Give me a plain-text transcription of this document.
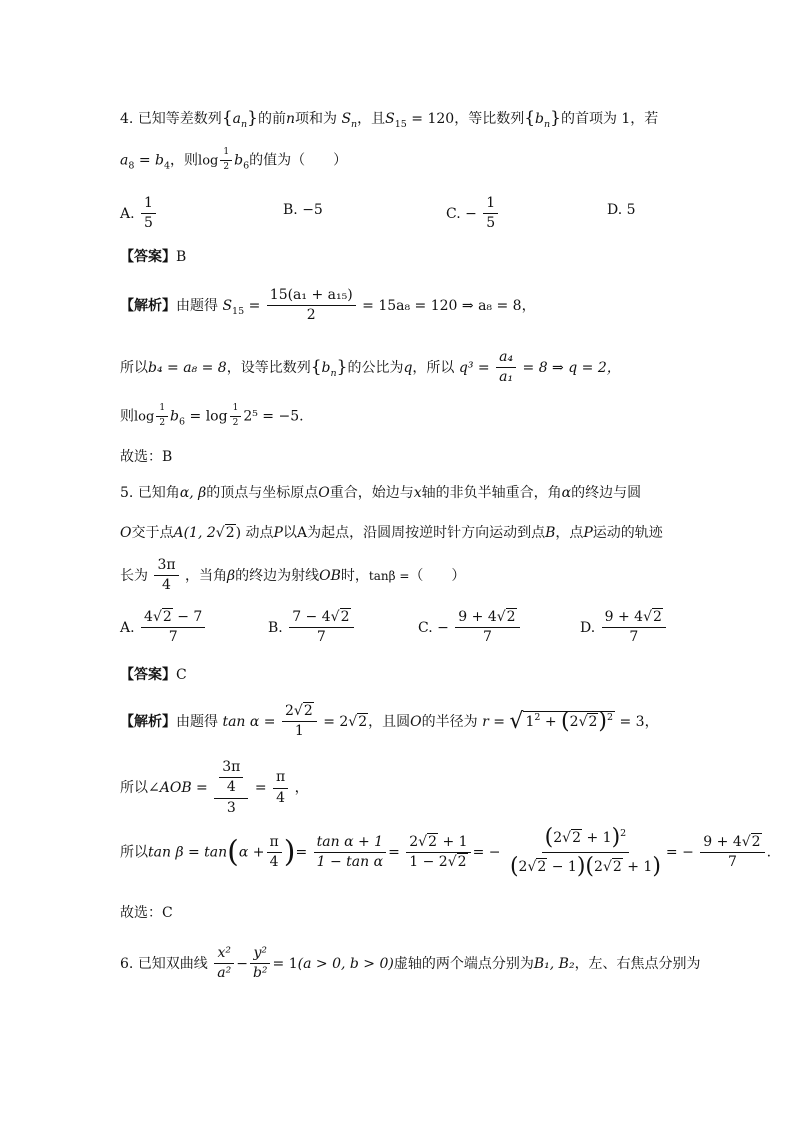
4. 已知等差数列$\{a_n\}$的前n项和为 $S_n$，且$S_{15} = 120$，等比数列$\{b_n\}$的首项为 1，若
$a_8 = b_4$，则$\log \frac{1}{2} b_6$的值为（　　）
A. $\frac{1}{5}$	B. −5	C. − $\frac{1}{5}$	D. 5
【答案】B
【解析】由题得 $S_{15} = \frac{\text{15(a₁ + a₁₅)}}{2} = 15a_8 = 120$ ⇒ a₈ = 8，
所以b₄ = a₈ = 8，设等比数列$\{b_n\}$的公比为q，所以 $q^3 = \frac{\text{a₄}}{\text{a₁}} = 8$ ⇒ q = 2，
则$\log \frac{1}{2} b_6 = \log \frac{1}{2} 2^5 = -5$.
故选：B
5. 已知角α, β的顶点与坐标原点O重合，始边与x轴的非负半轴重合，角α的终边与圆
O交于点A(1, 2√2) 动点P以A为起点，沿圆周按逆时针方向运动到点B，点P运动的轨迹
长为 $\frac{3\pi}{4}$ ，当角β的终边为射线OB时，tanβ =（　　）
A. $\frac{4√2 - 7}{7}$	B. $\frac{7 - 4√2}{7}$	C. − $\frac{9 + 4√2}{7}$	D. $\frac{9 + 4√2}{7}$
【答案】C
【解析】由题得 $\tan \alpha = \frac{2√2}{1} = 2√2$，且圆O的半径为 r = √ $1^2 + (2√2)^2 = 3$，
所以∠AOB = $\frac{\frac{3\pi}{4}}{3} = \frac{\pi}{4}$ ，
所以$\tan \beta = \tan(\alpha + \frac{\pi}{4}$ )= $\frac{\text{tan α + 1}}{\text{1 − tan α}} = \frac{2√2 + 1}{1 - 2√2}$ = − $\frac{(2√2 + 1)^2}{(2√2 - 1)(2√2 + 1)}$ = − $\frac{9 + 4√2}{7}$ .
故选：C
6. 已知双曲线 $\frac{\text{x²}}{\text{a²}} - \frac{\text{y²}}{\text{b²}} = 1(a > 0$, b > 0)虚轴的两个端点分别为B₁, B₂，左、右焦点分别为
